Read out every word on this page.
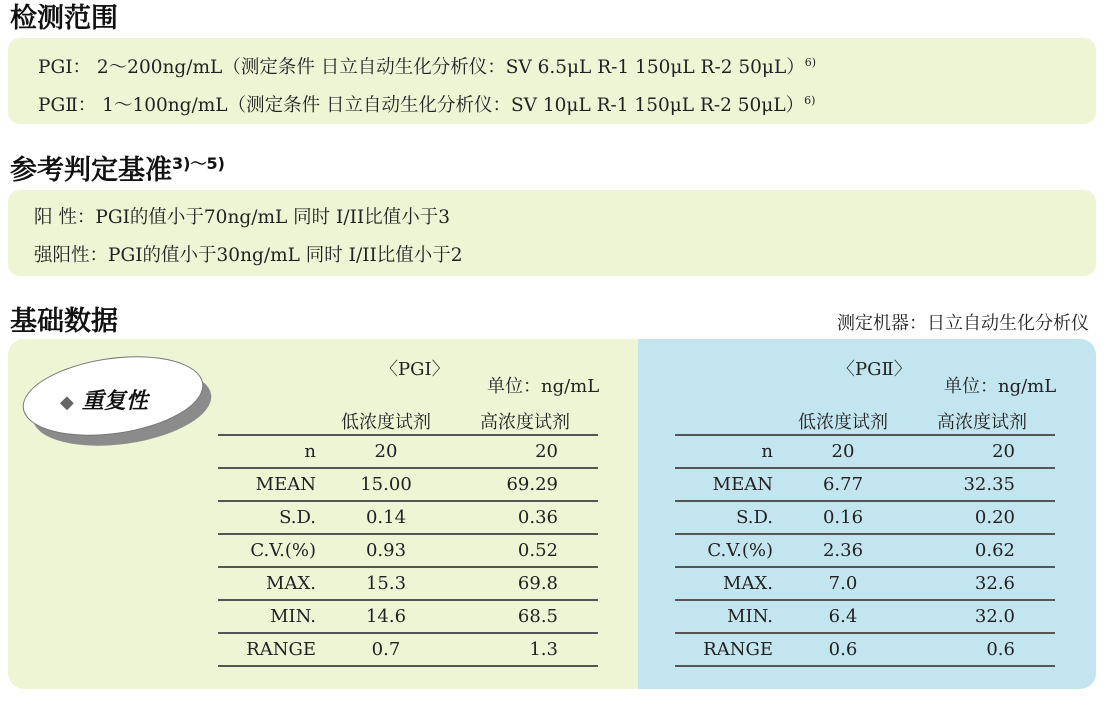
检测范围
PGⅠ： 2～200ng/mL（测定条件 日立自动生化分析仪：SV 6.5μL R-1 150μL R-2 50μL）$^{6)}$
PGⅡ： 1～100ng/mL（测定条件 日立自动生化分析仪：SV 10μL R-1 150μL R-2 50μL）$^{6)}$
参考判定基准$^{3)\sim 5)}$
阳 性：PGⅠ的值小于70ng/mL 同时 I/II比值小于3
强阳性：PGⅠ的值小于30ng/mL 同时 I/II比值小于2
基础数据	测定机器：日立自动生化分析仪
◆ 重复性
〈PGⅠ〉
单位：ng/mL
	低浓度试剂	高浓度试剂
n	20	20
MEAN	15.00	69.29
S.D.	0.14	0.36
C.V.(%)	0.93	0.52
MAX.	15.3	69.8
MIN.	14.6	68.5
RANGE	0.7	1.3
〈PGⅡ〉
单位：ng/mL
	低浓度试剂	高浓度试剂
n	20	20
MEAN	6.77	32.35
S.D.	0.16	0.20
C.V.(%)	2.36	0.62
MAX.	7.0	32.6
MIN.	6.4	32.0
RANGE	0.6	0.6
